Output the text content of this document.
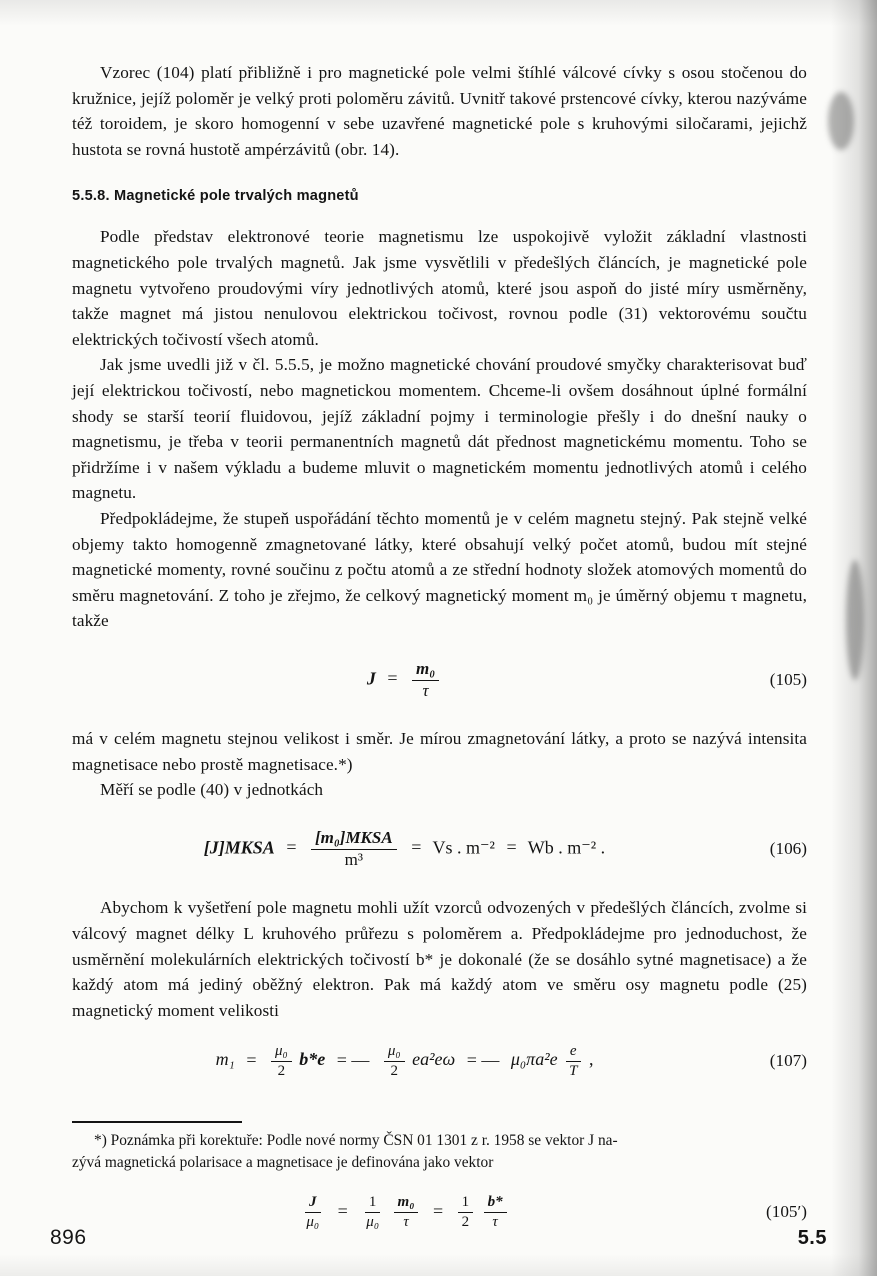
Vzorec (104) platí přibližně i pro magnetické pole velmi štíhlé válcové cívky s osou stočenou do kružnice, jejíž poloměr je velký proti poloměru závitů. Uvnitř takové prstencové cívky, kterou nazýváme též toroidem, je skoro homogenní v sebe uzavřené magnetické pole s kruhovými siločarami, jejichž hustota se rovná hustotě ampérzávitů (obr. 14).

5.5.8. Magnetické pole trvalých magnetů

Podle představ elektronové teorie magnetismu lze uspokojivě vyložit základní vlastnosti magnetického pole trvalých magnetů. Jak jsme vysvětlili v předešlých článcích, je magnetické pole magnetu vytvořeno proudovými víry jednotlivých atomů, které jsou aspoň do jisté míry usměrněny, takže magnet má jistou nenulovou elektrickou točivost, rovnou podle (31) vektorovému součtu elektrických točivostí všech atomů.

Jak jsme uvedli již v čl. 5.5.5, je možno magnetické chování proudové smyčky charakterisovat buď její elektrickou točivostí, nebo magnetickou momentem. Chceme-li ovšem dosáhnout úplné formální shody se starší teorií fluidovou, jejíž základní pojmy i terminologie přešly i do dnešní nauky o magnetismu, je třeba v teorii permanentních magnetů dát přednost magnetickému momentu. Toho se přidržíme i v našem výkladu a budeme mluvit o magnetickém momentu jednotlivých atomů i celého magnetu.

Předpokládejme, že stupeň uspořádání těchto momentů je v celém magnetu stejný. Pak stejně velké objemy takto homogenně zmagnetované látky, které obsahují velký počet atomů, budou mít stejné magnetické momenty, rovné součinu z počtu atomů a ze střední hodnoty složek atomových momentů do směru magnetování. Z toho je zřejmo, že celkový magnetický moment m₀ je úměrný objemu τ magnetu, takže

$J = \frac{\text{m₀}}{\tau}$	(105)

má v celém magnetu stejnou velikost i směr. Je mírou zmagnetování látky, a proto se nazývá intensita magnetisace nebo prostě magnetisace.*)

Měří se podle (40) v jednotkách

[J]MKSA = $\frac{\text{[m₀]MKSA}}{\text{m³}} = Vs$ . m⁻² = Wb . m⁻² .	(106)

Abychom k vyšetření pole magnetu mohli užít vzorců odvozených v předešlých článcích, zvolme si válcový magnet délky L kruhového průřezu s poloměrem a. Předpokládejme pro jednoduchost, že usměrnění molekulárních elektrických točivostí b* je dokonalé (že se dosáhlo sytné magnetisace) a že každý atom má jediný oběžný elektron. Pak má každý atom ve směru osy magnetu podle (25) magnetický moment velikosti

$m_1 = \frac{\text{μ₀}}{2} b*e$ = — $\frac{\text{μ₀}}{2} ea^2e\omega$ = — $\mu_0\pi a^2e \frac{e}{T}$ ,	(107)

*) Poznámka při korektuře: Podle nové normy ČSN 01 1301 z r. 1958 se vektor J na-

zývá magnetická polarisace a magnetisace je definována jako vektor

$\frac{J}{\text{μ₀}} = \frac{1}{\text{μ₀}}$
$\frac{\text{m₀}}{\tau} = \frac{1}{2}$
$\frac{b*}{\tau}$	(105′)
896	5.5
